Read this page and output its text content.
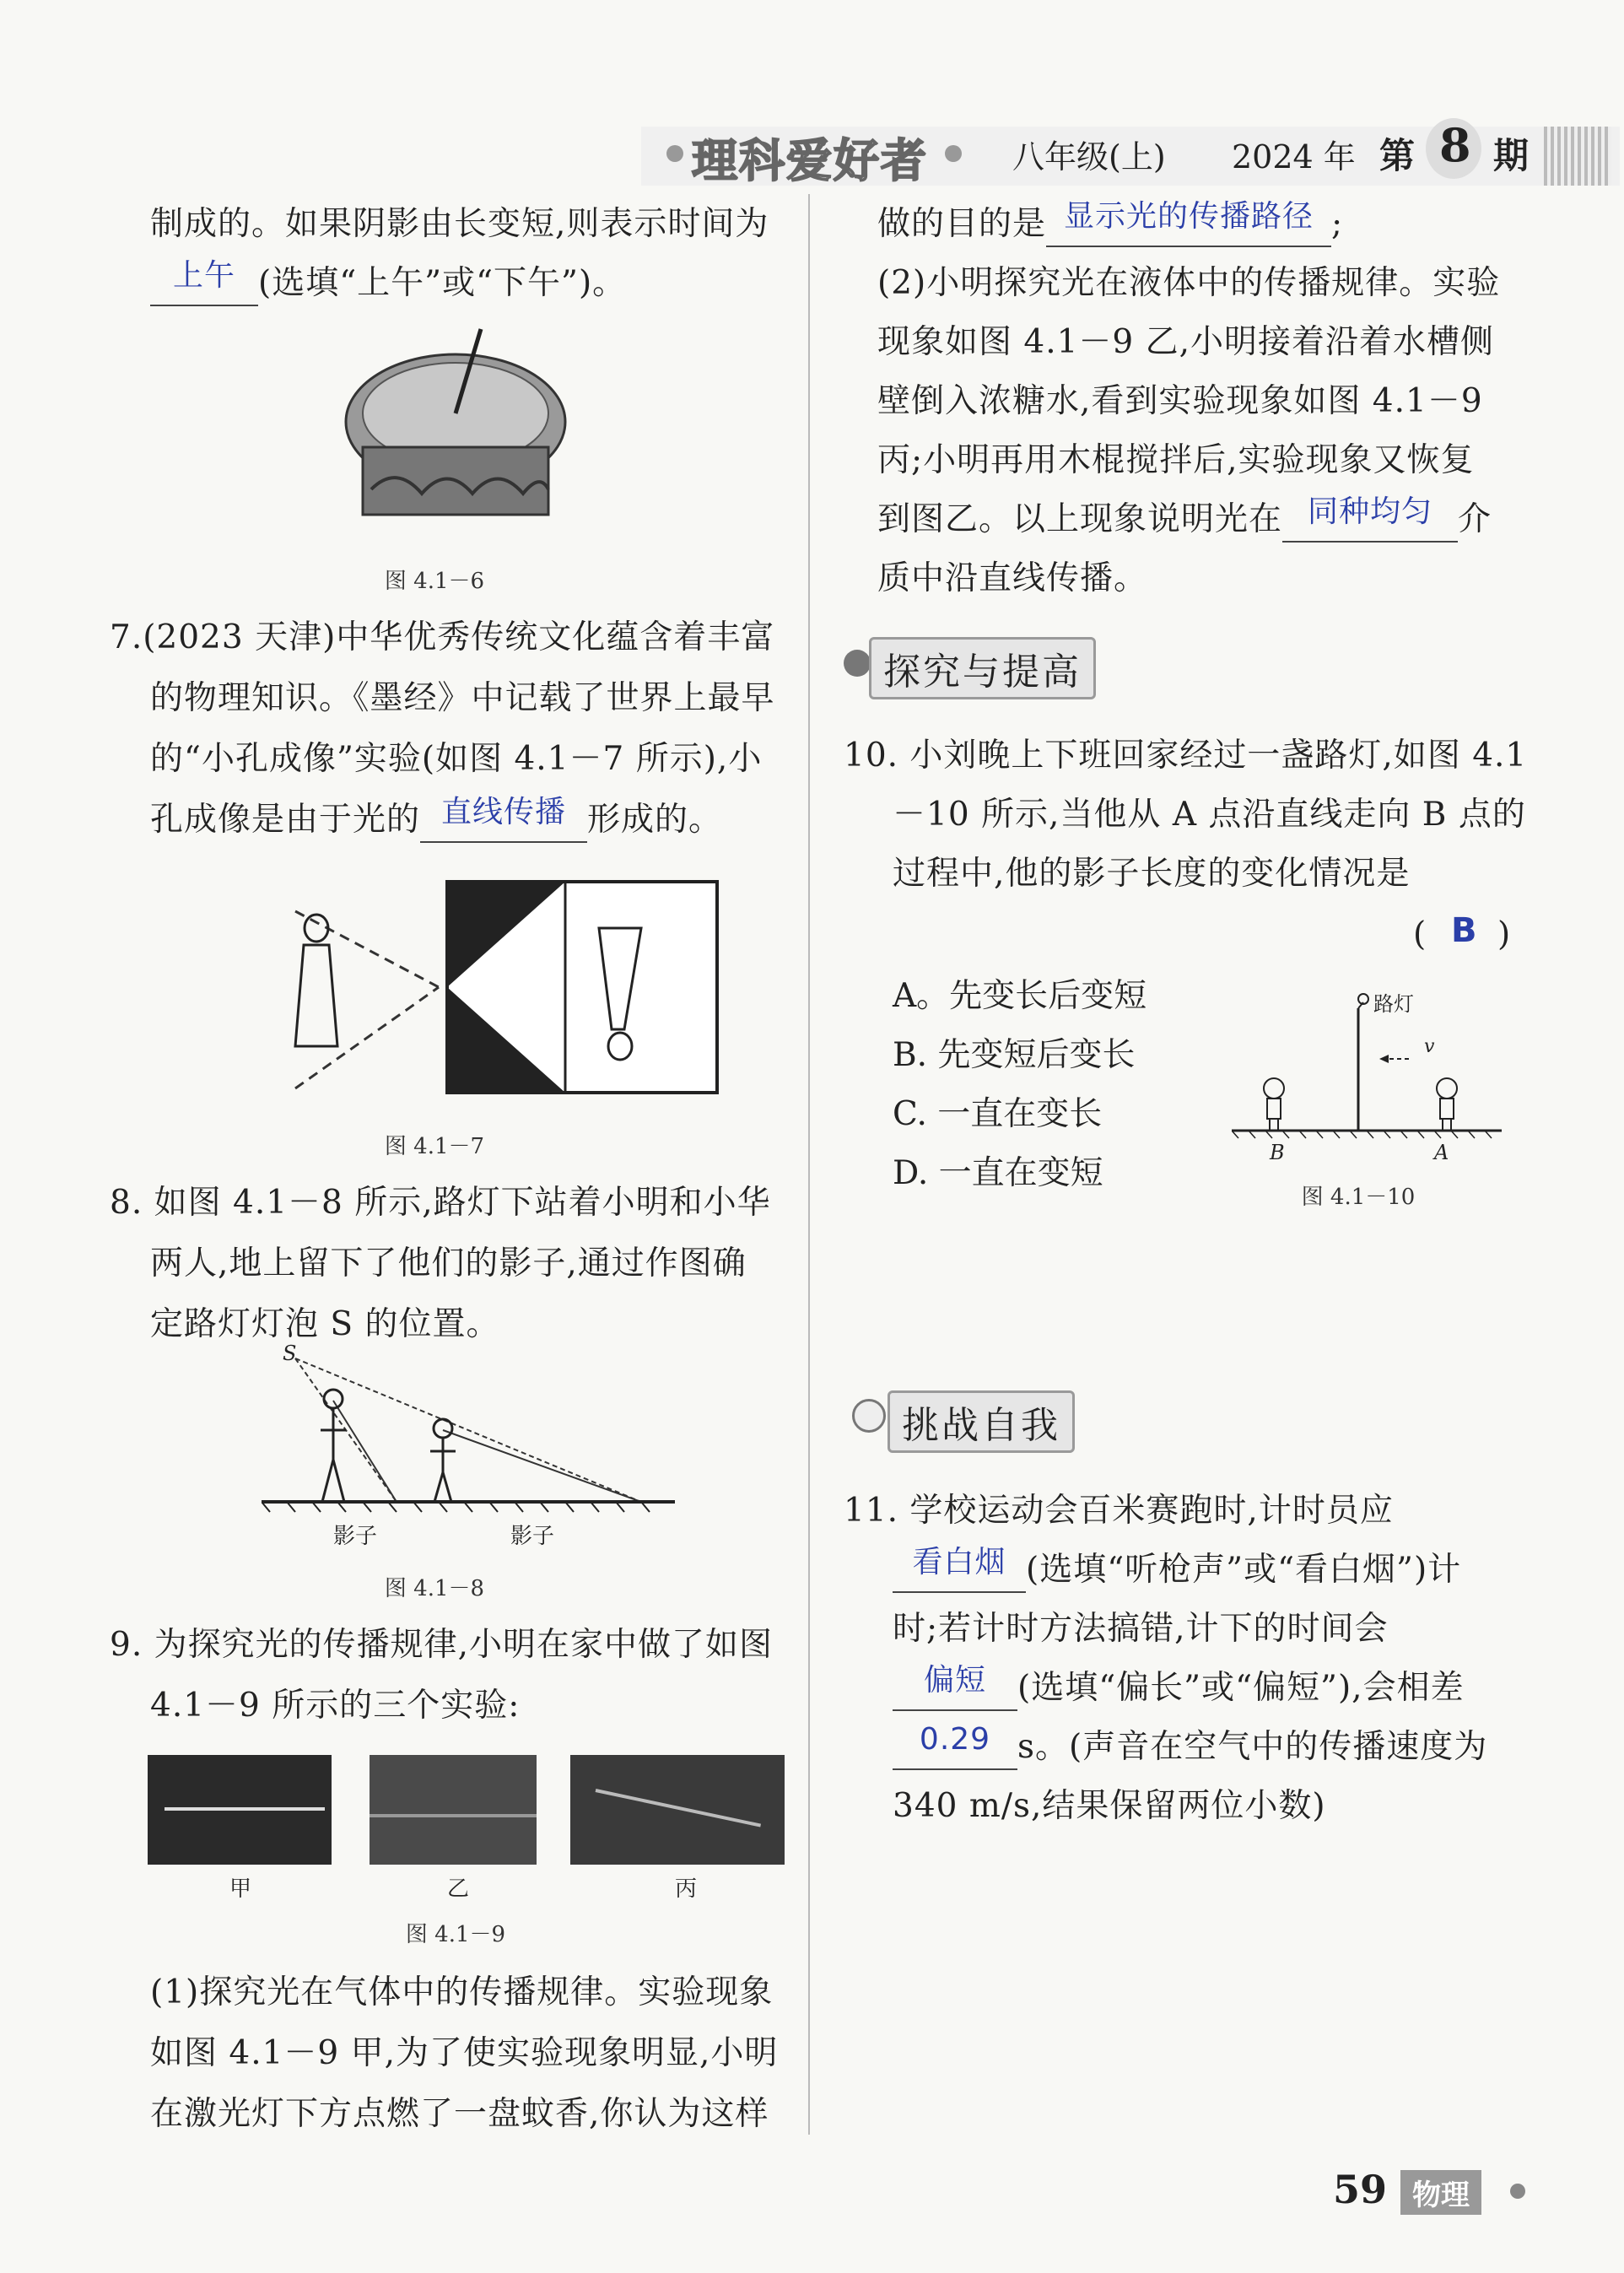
理科爱好者	八年级(上) 2024 年 第 8 期
制成的。如果阴影由长变短,则表示时间为
上午 (选填“上午”或“下午”)。
图 4.1－6
7.(2023 天津)中华优秀传统文化蕴含着丰富
的物理知识。《墨经》中记载了世界上最早
的“小孔成像”实验(如图 4.1－7 所示),小
孔成像是由于光的 直线传播 形成的。
图 4.1－7
8. 如图 4.1－8 所示,路灯下站着小明和小华
两人,地上留下了他们的影子,通过作图确
定路灯灯泡 S 的位置。
S
影子	影子
图 4.1－8
9. 为探究光的传播规律,小明在家中做了如图
4.1－9 所示的三个实验:
甲	乙	丙
图 4.1－9
(1)探究光在气体中的传播规律。实验现象
如图 4.1－9 甲,为了使实验现象明显,小明
在激光灯下方点燃了一盘蚊香,你认为这样
做的目的是 显示光的传播路径 ;
(2)小明探究光在液体中的传播规律。实验
现象如图 4.1－9 乙,小明接着沿着水槽侧
壁倒入浓糖水,看到实验现象如图 4.1－9
丙;小明再用木棍搅拌后,实验现象又恢复
到图乙。以上现象说明光在 同种均匀 介
质中沿直线传播。
探究与提高
10. 小刘晚上下班回家经过一盏路灯,如图 4.1
－10 所示,当他从 A 点沿直线走向 B 点的
过程中,他的影子长度的变化情况是
( B )
A。先变长后变短
B. 先变短后变长
C. 一直在变长
D. 一直在变短
路灯
v
B	A
图 4.1－10
挑战自我
11. 学校运动会百米赛跑时,计时员应
看白烟 (选填“听枪声”或“看白烟”)计
时;若计时方法搞错,计下的时间会
偏短 (选填“偏长”或“偏短”),会相差
0.29 s。(声音在空气中的传播速度为
340 m/s,结果保留两位小数)
59 物理
